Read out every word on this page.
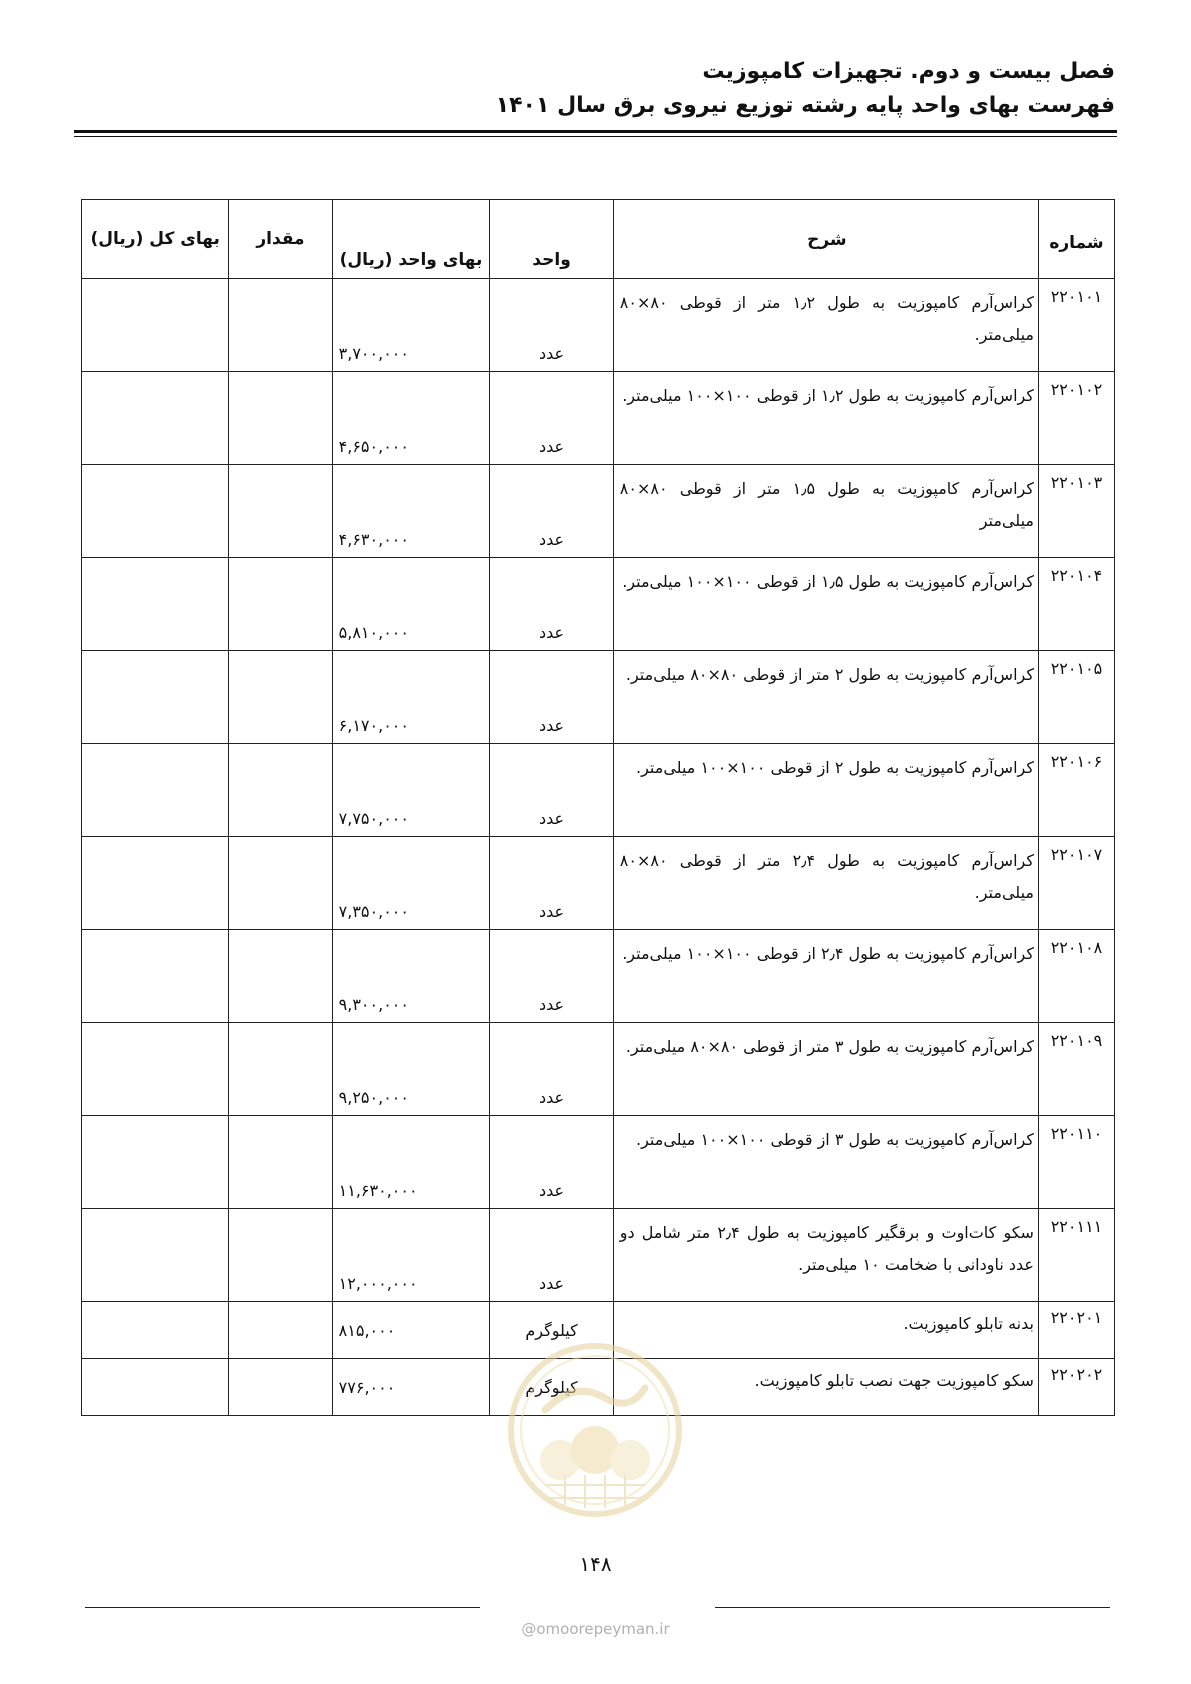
فصل بیست و دوم. تجهیزات کامپوزیت
فهرست بهای واحد پایه رشته توزیع نیروی برق سال ۱۴۰۱
شماره	شرح	واحد	بهای واحد (ریال)	مقدار	بهای کل (ریال)
۲۲۰۱۰۱	کراس‌آرم کامپوزیت به طول ۱٫۲ متر از قوطی ۸۰×۸۰ میلی‌متر.	عدد	۳,۷۰۰,۰۰۰		
۲۲۰۱۰۲	کراس‌آرم کامپوزیت به طول ۱٫۲ از قوطی ۱۰۰×۱۰۰ میلی‌متر.	عدد	۴,۶۵۰,۰۰۰		
۲۲۰۱۰۳	کراس‌آرم کامپوزیت به طول ۱٫۵ متر از قوطی ۸۰×۸۰ میلی‌متر	عدد	۴,۶۳۰,۰۰۰		
۲۲۰۱۰۴	کراس‌آرم کامپوزیت به طول ۱٫۵ از قوطی ۱۰۰×۱۰۰ میلی‌متر.	عدد	۵,۸۱۰,۰۰۰		
۲۲۰۱۰۵	کراس‌آرم کامپوزیت به طول ۲ متر از قوطی ۸۰×۸۰ میلی‌متر.	عدد	۶,۱۷۰,۰۰۰		
۲۲۰۱۰۶	کراس‌آرم کامپوزیت به طول ۲ از قوطی ۱۰۰×۱۰۰ میلی‌متر.	عدد	۷,۷۵۰,۰۰۰		
۲۲۰۱۰۷	کراس‌آرم کامپوزیت به طول ۲٫۴ متر از قوطی ۸۰×۸۰ میلی‌متر.	عدد	۷,۳۵۰,۰۰۰		
۲۲۰۱۰۸	کراس‌آرم کامپوزیت به طول ۲٫۴ از قوطی ۱۰۰×۱۰۰ میلی‌متر.	عدد	۹,۳۰۰,۰۰۰		
۲۲۰۱۰۹	کراس‌آرم کامپوزیت به طول ۳ متر از قوطی ۸۰×۸۰ میلی‌متر.	عدد	۹,۲۵۰,۰۰۰		
۲۲۰۱۱۰	کراس‌آرم کامپوزیت به طول ۳ از قوطی ۱۰۰×۱۰۰ میلی‌متر.	عدد	۱۱,۶۳۰,۰۰۰		
۲۲۰۱۱۱	سکو کات‌اوت و برقگیر کامپوزیت به طول ۲٫۴ متر شامل دو عدد ناودانی با ضخامت ۱۰ میلی‌متر.	عدد	۱۲,۰۰۰,۰۰۰		
۲۲۰۲۰۱	بدنه تابلو کامپوزیت.	کیلوگرم	۸۱۵,۰۰۰		
۲۲۰۲۰۲	سکو کامپوزیت جهت نصب تابلو کامپوزیت.	کیلوگرم	۷۷۶,۰۰۰		
۱۴۸
@omoorepeyman.ir
